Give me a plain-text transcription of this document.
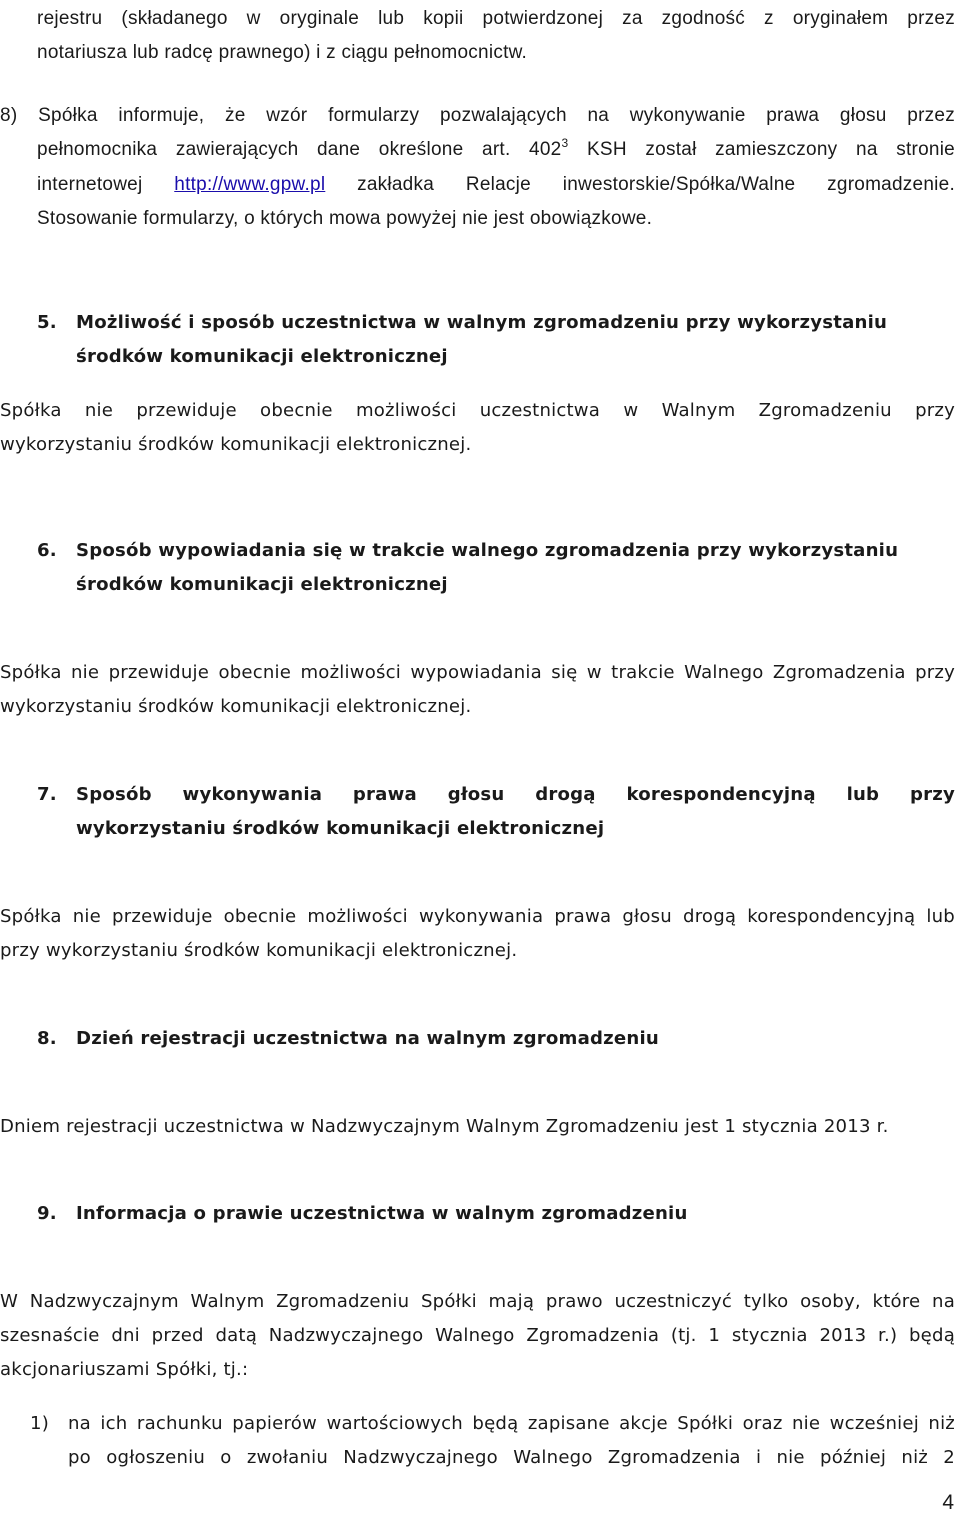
rejestru (składanego w oryginale lub kopii potwierdzonej za zgodność z oryginałem przez
notariusza lub radcę prawnego) i z ciągu pełnomocnictw.
8) Spółka informuje, że wzór formularzy pozwalających na wykonywanie prawa głosu przez
pełnomocnika zawierających dane określone art. $402^3$ KSH został zamieszczony na stronie
internetowej http://www.gpw.pl zakładka Relacje inwestorskie/Spółka/Walne zgromadzenie.
Stosowanie formularzy, o których mowa powyżej nie jest obowiązkowe.
5. Możliwość i sposób uczestnictwa w walnym zgromadzeniu przy wykorzystaniu
środków komunikacji elektronicznej
Spółka nie przewiduje obecnie możliwości uczestnictwa w Walnym Zgromadzeniu przy
wykorzystaniu środków komunikacji elektronicznej.
6. Sposób wypowiadania się w trakcie walnego zgromadzenia przy wykorzystaniu
środków komunikacji elektronicznej
Spółka nie przewiduje obecnie możliwości wypowiadania się w trakcie Walnego Zgromadzenia przy
wykorzystaniu środków komunikacji elektronicznej.
7. Sposób wykonywania prawa głosu drogą korespondencyjną lub przy
wykorzystaniu środków komunikacji elektronicznej
Spółka nie przewiduje obecnie możliwości wykonywania prawa głosu drogą korespondencyjną lub
przy wykorzystaniu środków komunikacji elektronicznej.
8. Dzień rejestracji uczestnictwa na walnym zgromadzeniu
Dniem rejestracji uczestnictwa w Nadzwyczajnym Walnym Zgromadzeniu jest 1 stycznia 2013 r.
9. Informacja o prawie uczestnictwa w walnym zgromadzeniu
W Nadzwyczajnym Walnym Zgromadzeniu Spółki mają prawo uczestniczyć tylko osoby, które na
szesnaście dni przed datą Nadzwyczajnego Walnego Zgromadzenia (tj. 1 stycznia 2013 r.) będą
akcjonariuszami Spółki, tj.:
1) na ich rachunku papierów wartościowych będą zapisane akcje Spółki oraz nie wcześniej niż
po ogłoszeniu o zwołaniu Nadzwyczajnego Walnego Zgromadzenia i nie później niż 2
4
